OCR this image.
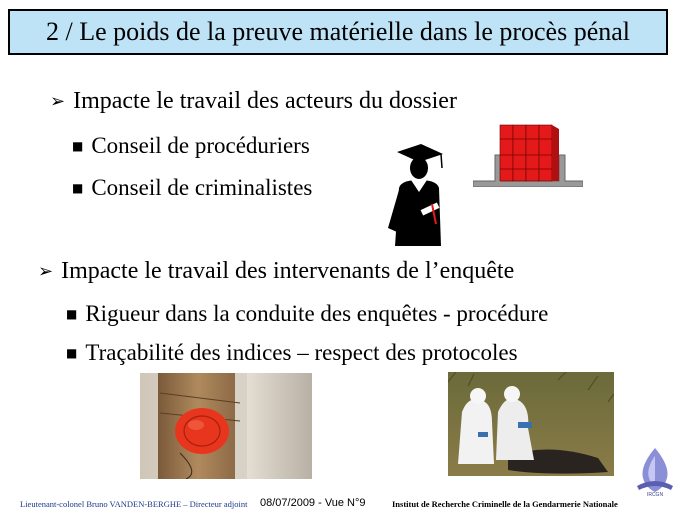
2 / Le poids de la preuve matérielle dans le procès pénal
➢ Impacte le travail des acteurs du dossier
■ Conseil de procéduriers
■ Conseil de criminalistes
➢ Impacte le travail des intervenants de l’enquête
■ Rigueur dans la conduite des enquêtes - procédure
■ Traçabilité des indices – respect des protocoles
IRCGN
Lieutenant-colonel Bruno VANDEN-BERGHE – Directeur adjoint 08/07/2009 - Vue N°9	Institut de Recherche Criminelle de la Gendarmerie Nationale
